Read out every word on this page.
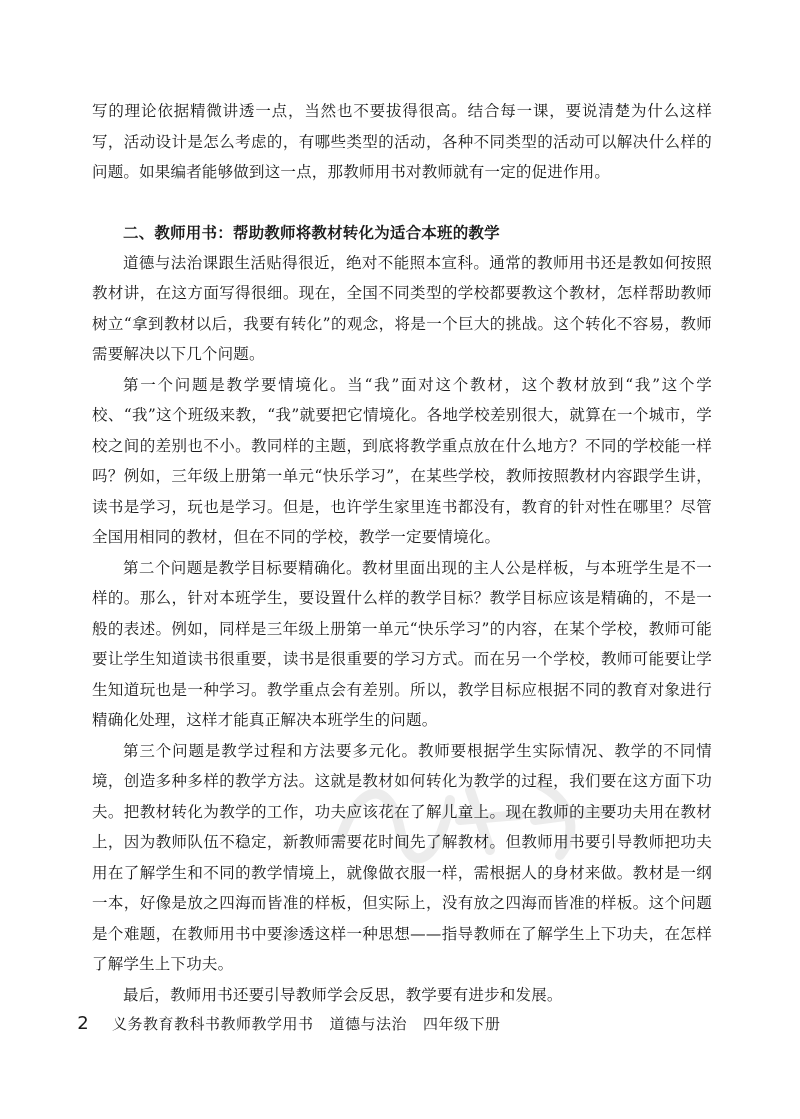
写的理论依据精微讲透一点，当然也不要拔得很高。结合每一课，要说清楚为什么这样写，活动设计是怎么考虑的，有哪些类型的活动，各种不同类型的活动可以解决什么样的问题。如果编者能够做到这一点，那教师用书对教师就有一定的促进作用。

二、教师用书：帮助教师将教材转化为适合本班的教学

道德与法治课跟生活贴得很近，绝对不能照本宣科。通常的教师用书还是教如何按照教材讲，在这方面写得很细。现在，全国不同类型的学校都要教这个教材，怎样帮助教师树立“拿到教材以后，我要有转化”的观念，将是一个巨大的挑战。这个转化不容易，教师需要解决以下几个问题。

第一个问题是教学要情境化。当“我”面对这个教材，这个教材放到“我”这个学校、“我”这个班级来教，“我”就要把它情境化。各地学校差别很大，就算在一个城市，学校之间的差别也不小。教同样的主题，到底将教学重点放在什么地方？不同的学校能一样吗？例如，三年级上册第一单元“快乐学习”，在某些学校，教师按照教材内容跟学生讲，读书是学习，玩也是学习。但是，也许学生家里连书都没有，教育的针对性在哪里？尽管全国用相同的教材，但在不同的学校，教学一定要情境化。

第二个问题是教学目标要精确化。教材里面出现的主人公是样板，与本班学生是不一样的。那么，针对本班学生，要设置什么样的教学目标？教学目标应该是精确的，不是一般的表述。例如，同样是三年级上册第一单元“快乐学习”的内容，在某个学校，教师可能要让学生知道读书很重要，读书是很重要的学习方式。而在另一个学校，教师可能要让学生知道玩也是一种学习。教学重点会有差别。所以，教学目标应根据不同的教育对象进行精确化处理，这样才能真正解决本班学生的问题。

第三个问题是教学过程和方法要多元化。教师要根据学生实际情况、教学的不同情境，创造多种多样的教学方法。这就是教材如何转化为教学的过程，我们要在这方面下功夫。把教材转化为教学的工作，功夫应该花在了解儿童上。现在教师的主要功夫用在教材上，因为教师队伍不稳定，新教师需要花时间先了解教材。但教师用书要引导教师把功夫用在了解学生和不同的教学情境上，就像做衣服一样，需根据人的身材来做。教材是一纲一本，好像是放之四海而皆准的样板，但实际上，没有放之四海而皆准的样板。这个问题是个难题，在教师用书中要渗透这样一种思想——指导教师在了解学生上下功夫，在怎样了解学生上下功夫。

最后，教师用书还要引导教师学会反思，教学要有进步和发展。

2	义务教育教科书教师教学用书 道德与法治 四年级下册
